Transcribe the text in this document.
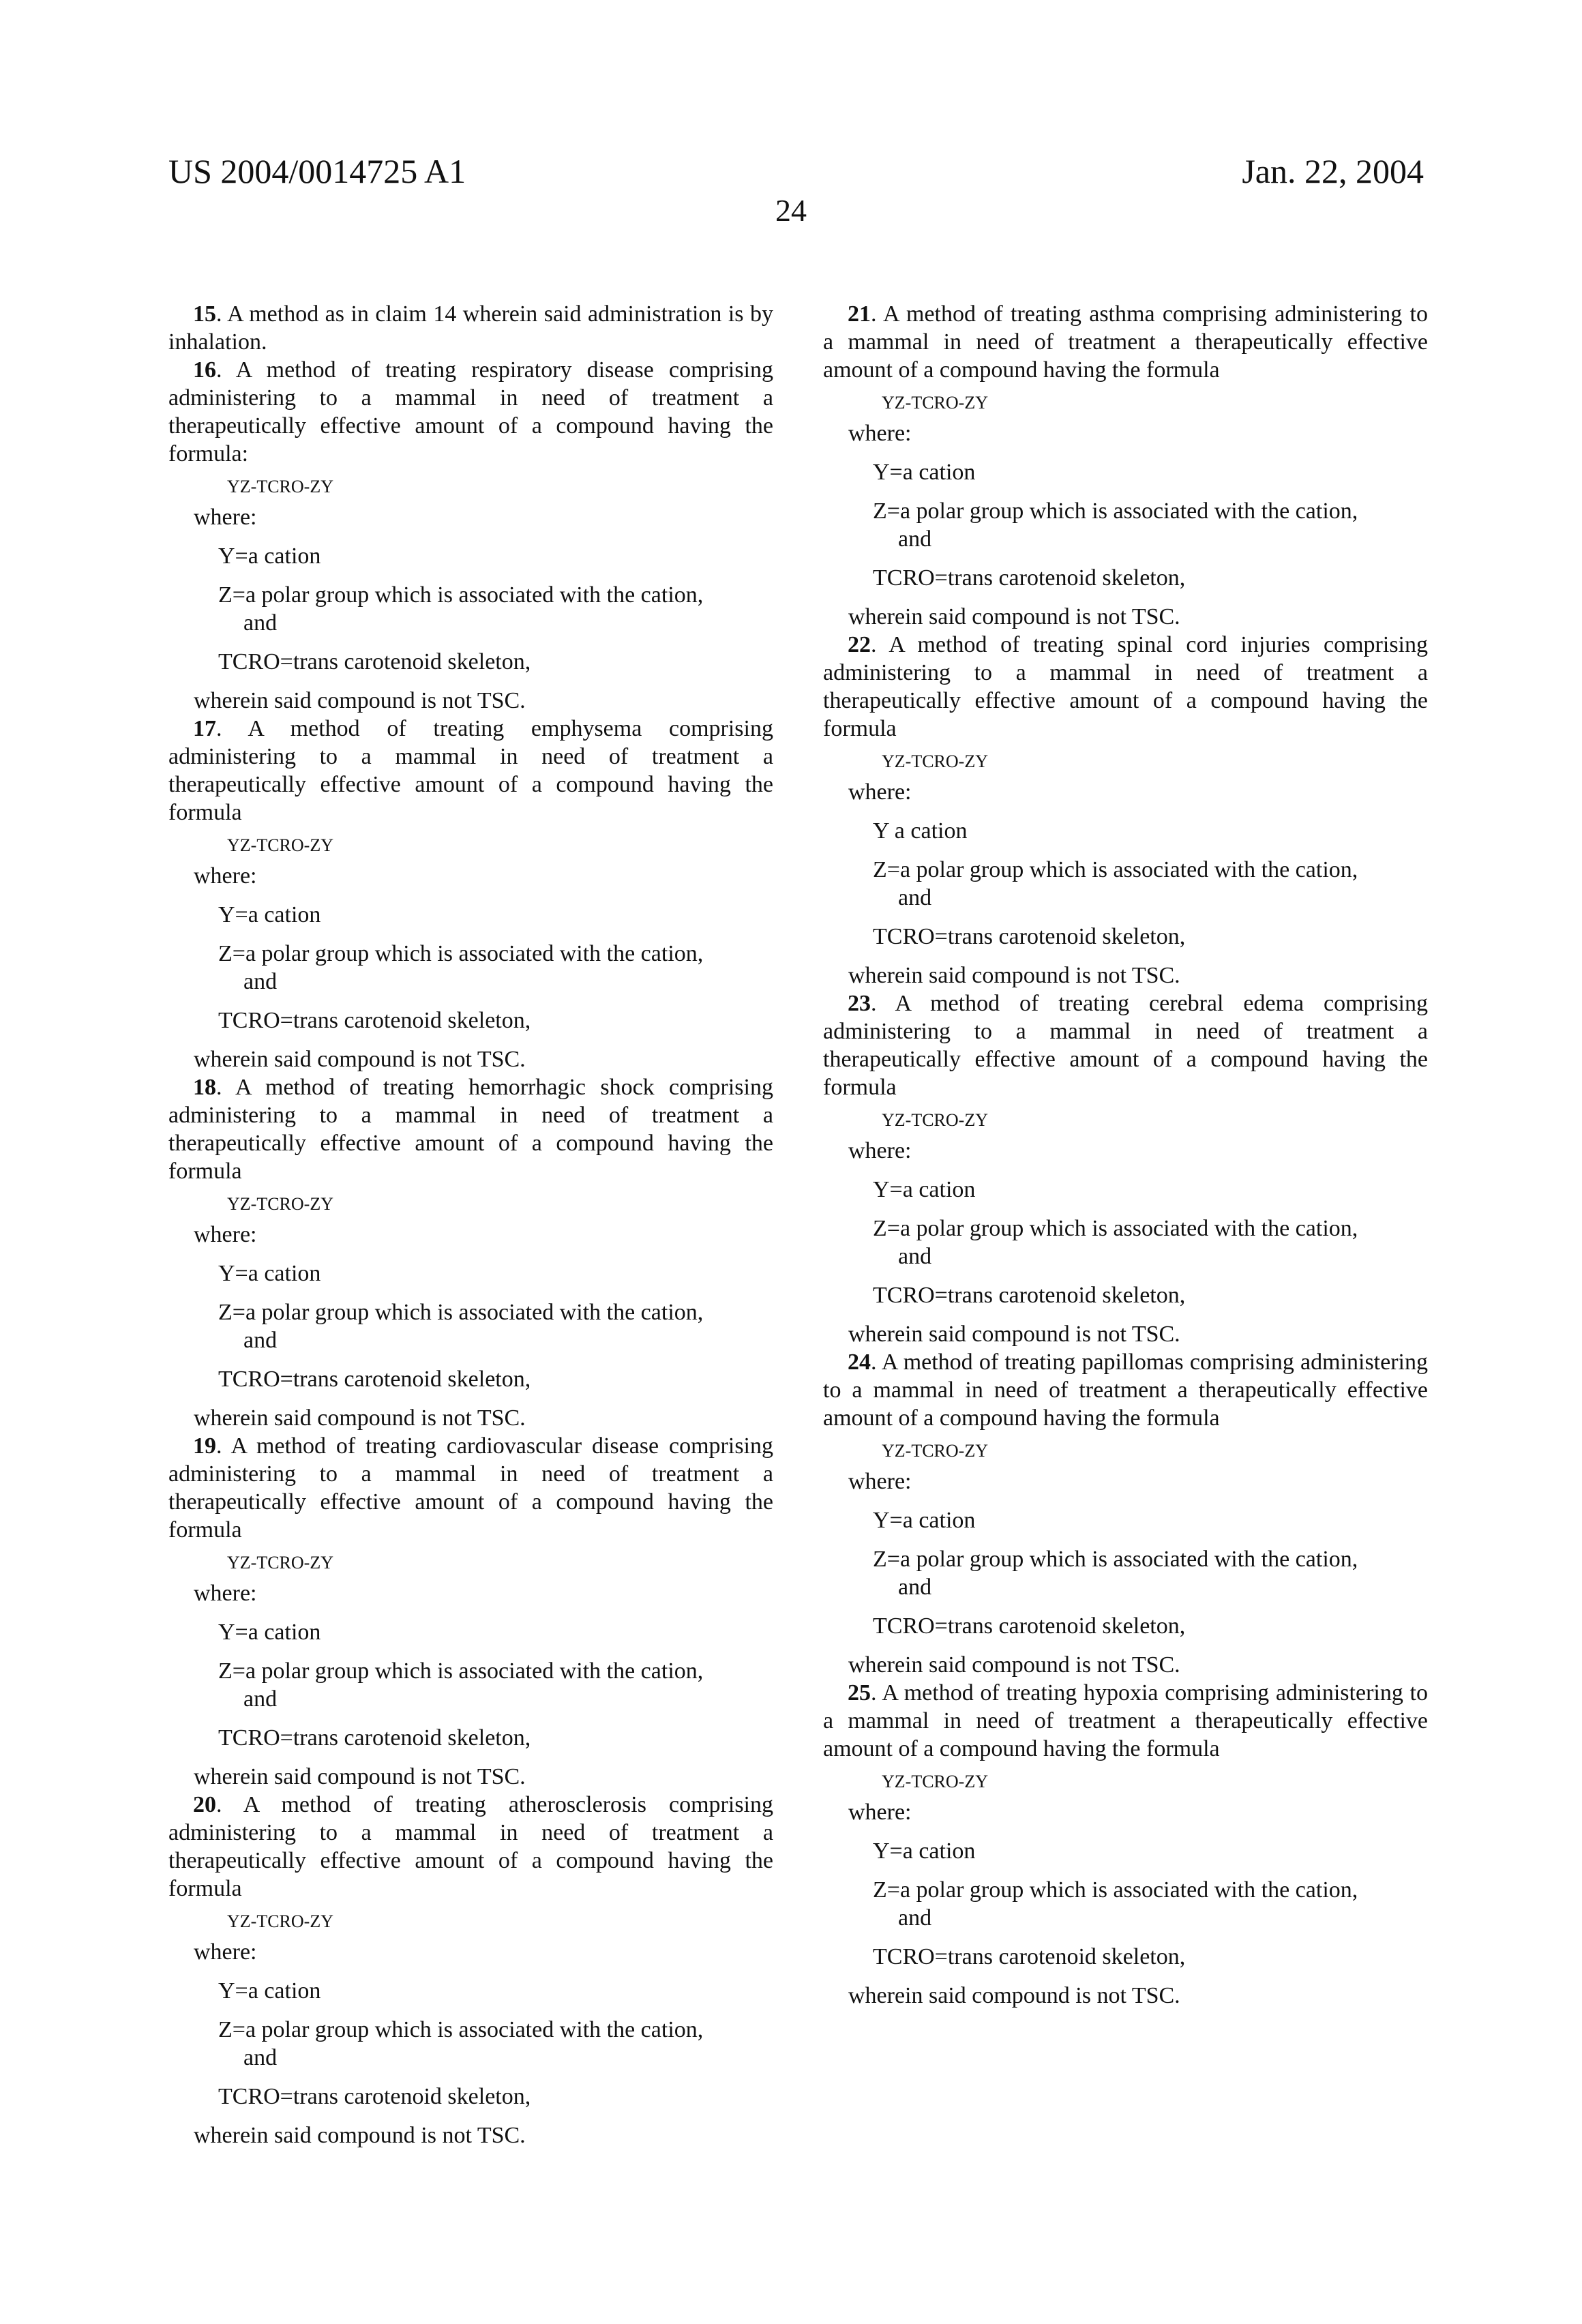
US 2004/0014725 A1	Jan. 22, 2004
24
15. A method as in claim 14 wherein said administration is by inhalation.
16. A method of treating respiratory disease comprising administering to a mammal in need of treatment a therapeutically effective amount of a compound having the formula:
YZ-TCRO-ZY
where:
Y=a cation
Z=a polar group which is associated with the cation,
and
TCRO=trans carotenoid skeleton,
wherein said compound is not TSC.
17. A method of treating emphysema comprising administering to a mammal in need of treatment a therapeutically effective amount of a compound having the formula
YZ-TCRO-ZY
where:
Y=a cation
Z=a polar group which is associated with the cation,
and
TCRO=trans carotenoid skeleton,
wherein said compound is not TSC.
18. A method of treating hemorrhagic shock comprising administering to a mammal in need of treatment a therapeutically effective amount of a compound having the formula
YZ-TCRO-ZY
where:
Y=a cation
Z=a polar group which is associated with the cation,
and
TCRO=trans carotenoid skeleton,
wherein said compound is not TSC.
19. A method of treating cardiovascular disease comprising administering to a mammal in need of treatment a therapeutically effective amount of a compound having the formula
YZ-TCRO-ZY
where:
Y=a cation
Z=a polar group which is associated with the cation,
and
TCRO=trans carotenoid skeleton,
wherein said compound is not TSC.
20. A method of treating atherosclerosis comprising administering to a mammal in need of treatment a therapeutically effective amount of a compound having the formula
YZ-TCRO-ZY
where:
Y=a cation
Z=a polar group which is associated with the cation,
and
TCRO=trans carotenoid skeleton,
wherein said compound is not TSC.
21. A method of treating asthma comprising administering to a mammal in need of treatment a therapeutically effective amount of a compound having the formula
YZ-TCRO-ZY
where:
Y=a cation
Z=a polar group which is associated with the cation,
and
TCRO=trans carotenoid skeleton,
wherein said compound is not TSC.
22. A method of treating spinal cord injuries comprising administering to a mammal in need of treatment a therapeutically effective amount of a compound having the formula
YZ-TCRO-ZY
where:
Y a cation
Z=a polar group which is associated with the cation,
and
TCRO=trans carotenoid skeleton,
wherein said compound is not TSC.
23. A method of treating cerebral edema comprising administering to a mammal in need of treatment a therapeutically effective amount of a compound having the formula
YZ-TCRO-ZY
where:
Y=a cation
Z=a polar group which is associated with the cation,
and
TCRO=trans carotenoid skeleton,
wherein said compound is not TSC.
24. A method of treating papillomas comprising administering to a mammal in need of treatment a therapeutically effective amount of a compound having the formula
YZ-TCRO-ZY
where:
Y=a cation
Z=a polar group which is associated with the cation,
and
TCRO=trans carotenoid skeleton,
wherein said compound is not TSC.
25. A method of treating hypoxia comprising administering to a mammal in need of treatment a therapeutically effective amount of a compound having the formula
YZ-TCRO-ZY
where:
Y=a cation
Z=a polar group which is associated with the cation,
and
TCRO=trans carotenoid skeleton,
wherein said compound is not TSC.
